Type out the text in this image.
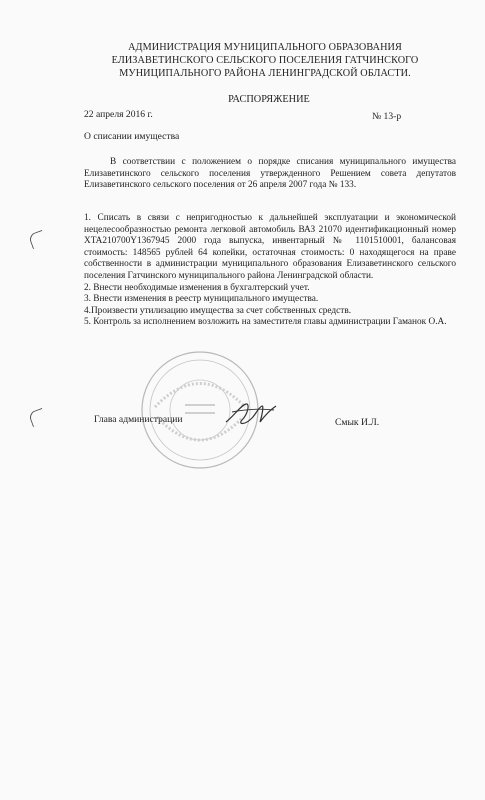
АДМИНИСТРАЦИЯ МУНИЦИПАЛЬНОГО ОБРАЗОВАНИЯ
ЕЛИЗАВЕТИНСКОГО СЕЛЬСКОГО ПОСЕЛЕНИЯ ГАТЧИНСКОГО
МУНИЦИПАЛЬНОГО РАЙОНА ЛЕНИНГРАДСКОЙ ОБЛАСТИ.
РАСПОРЯЖЕНИЕ
22 апреля 2016 г.	№ 13-р
О списании имущества
В соответствии с положением о порядке списания муниципального имущества Елизаветинского сельского поселения утвержденного Решением совета депутатов Елизаветинского сельского поселения от 26 апреля 2007 года № 133.
1. Списать в связи с непригодностью к дальнейшей эксплуатации и экономической нецелесообразностью ремонта легковой автомобиль ВАЗ 21070 идентификационный номер XTA210700Y1367945 2000 года выпуска, инвентарный № 1101510001, балансовая стоимость: 148565 рублей 64 копейки, остаточная стоимость: 0 находящегося на праве собственности в администрации муниципального образования Елизаветинского сельского поселения Гатчинского муниципального района Ленинградской области.
2. Внести необходимые изменения в бухгалтерский учет.
3. Внести изменения в реестр муниципального имущества.
4.Произвести утилизацию имущества за счет собственных средств.
5. Контроль за исполнением возложить на заместителя главы администрации Гаманок О.А.
Глава администрации	Смык И.Л.
